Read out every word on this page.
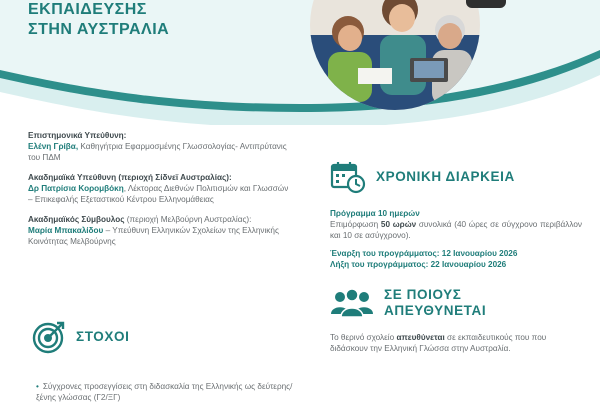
ΕΚΠΑΙΔΕΥΣΗΣ
ΣΤΗΝ ΑΥΣΤΡΑΛΙΑ
Επιστημονικά Υπεύθυνη:
Ελένη Γρίβα, Καθηγήτρια Εφαρμοσμένης Γλωσσολογίας- Αντιπρύτανις του ΠΔΜ
Ακαδημαϊκά Υπεύθυνη (περιοχή Σίδνεϊ Αυστραλίας):
Δρ Πατρίσια Κορομβόκη, Λέκτορας Διεθνών Πολιτισμών και Γλωσσών – Επικεφαλής Εξεταστικού Κέντρου Ελληνομάθειας
Ακαδημαϊκός Σύμβουλος (περιοχή Μελβούρνη Αυστραλίας):
Μαρία Μπακαλίδου – Υπεύθυνη Ελληνικών Σχολείων της Ελληνικής Κοινότητας Μελβούρνης
ΣΤΟΧΟΙ
• Σύγχρονες προσεγγίσεις στη διδασκαλία της Ελληνικής ως δεύτερης/ξένης γλώσσας (Γ2/ΞΓ)
ΧΡΟΝΙΚΗ ΔΙΑΡΚΕΙΑ
Πρόγραμμα 10 ημερών
Επιμόρφωση 50 ωρών συνολικά (40 ώρες σε σύγχρονο περιβάλλον και 10 σε ασύγχρονο).
Έναρξη του προγράμματος: 12 Ιανουαρίου 2026
Λήξη του προγράμματος: 22 Ιανουαρίου 2026
ΣΕ ΠΟΙΟΥΣ
ΑΠΕΥΘΥΝΕΤΑΙ
Το θερινό σχολείο απευθύνεται σε εκπαιδευτικούς που που διδάσκουν την Ελληνική Γλώσσα στην Αυστραλία.
